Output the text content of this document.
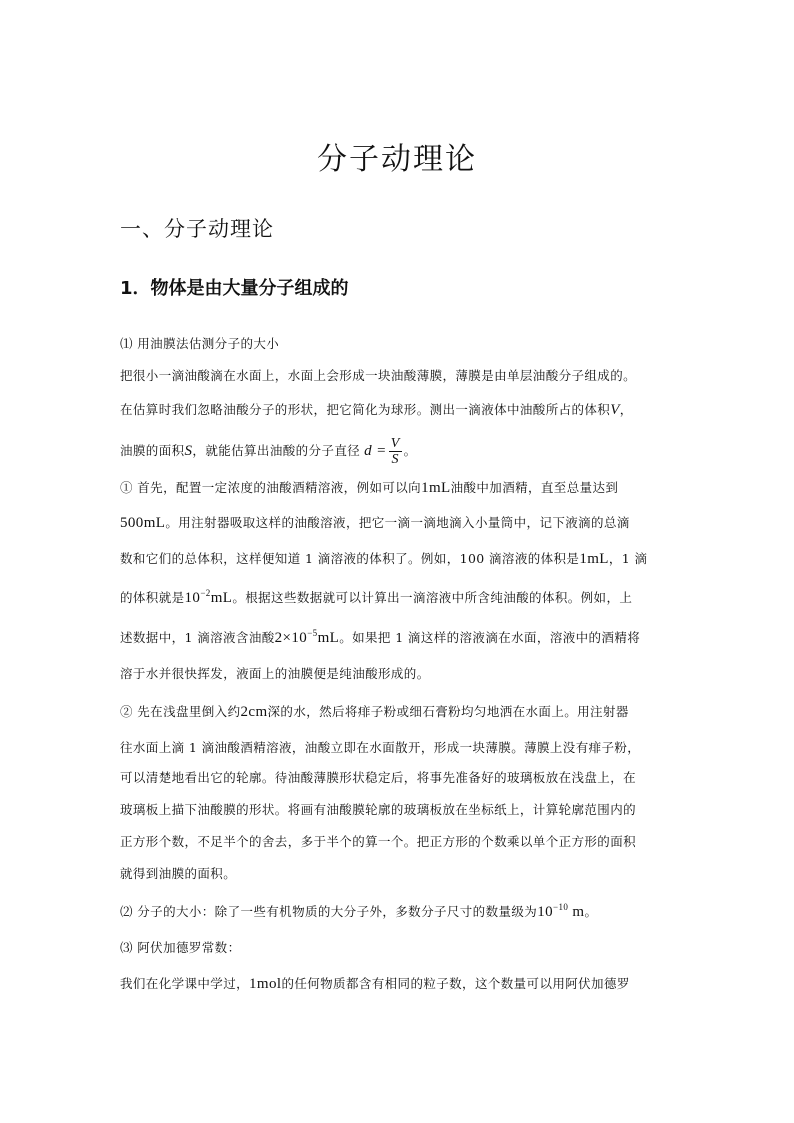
分子动理论
一、分子动理论
1．物体是由大量分子组成的

⑴ 用油膜法估测分子的大小

把很小一滴油酸滴在水面上，水面上会形成一块油酸薄膜，薄膜是由单层油酸分子组成的。

在估算时我们忽略油酸分子的形状，把它简化为球形。测出一滴液体中油酸所占的体积V，

油膜的面积S，就能估算出油酸的分子直径 $d = \frac{V}{S}$ 。

① 首先，配置一定浓度的油酸酒精溶液，例如可以向1mL油酸中加酒精，直至总量达到

500mL。用注射器吸取这样的油酸溶液，把它一滴一滴地滴入小量筒中，记下液滴的总滴

数和它们的总体积，这样便知道 1 滴溶液的体积了。例如，100 滴溶液的体积是1mL，1 滴

的体积就是$10^{-2}mL$。根据这些数据就可以计算出一滴溶液中所含纯油酸的体积。例如，上

述数据中，1 滴溶液含油酸$2\times 10^{-5}mL$。如果把 1 滴这样的溶液滴在水面，溶液中的酒精将

溶于水并很快挥发，液面上的油膜便是纯油酸形成的。

② 先在浅盘里倒入约2cm深的水，然后将痱子粉或细石膏粉均匀地洒在水面上。用注射器

往水面上滴 1 滴油酸酒精溶液，油酸立即在水面散开，形成一块薄膜。薄膜上没有痱子粉，

可以清楚地看出它的轮廓。待油酸薄膜形状稳定后，将事先准备好的玻璃板放在浅盘上，在

玻璃板上描下油酸膜的形状。将画有油酸膜轮廓的玻璃板放在坐标纸上，计算轮廓范围内的

正方形个数，不足半个的舍去，多于半个的算一个。把正方形的个数乘以单个正方形的面积

就得到油膜的面积。

⑵ 分子的大小：除了一些有机物质的大分子外，多数分子尺寸的数量级为$10^{-10}$ m。

⑶ 阿伏加德罗常数：

我们在化学课中学过，1mol的任何物质都含有相同的粒子数，这个数量可以用阿伏加德罗
